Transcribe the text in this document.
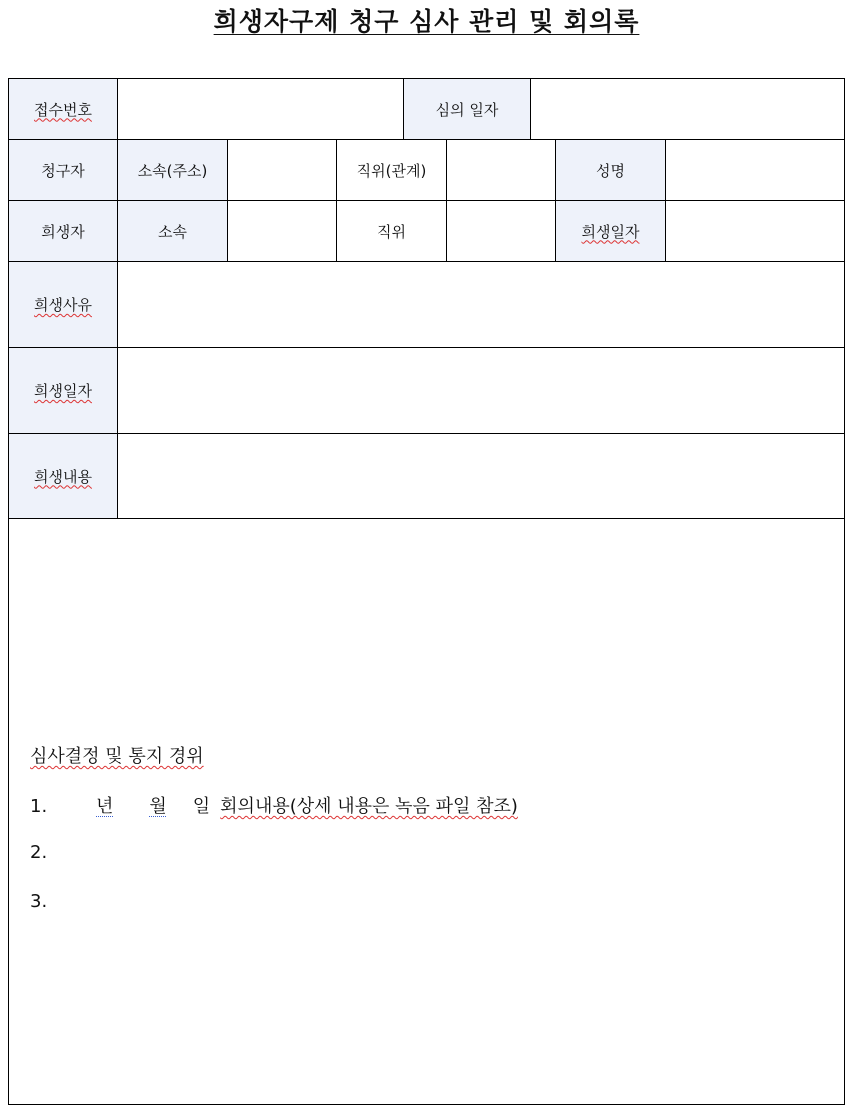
희생자구제 청구 심사 관리 및 회의록
접수번호	심의 일자
청구자	소속(주소)	직위(관계)	성명
희생자	소속	직위	희생일자
희생사유
희생일자
희생내용
심사결정 및 통지 경위
1.	년 월 일 회의내용(상세 내용은 녹음 파일 참조)
2.
3.
